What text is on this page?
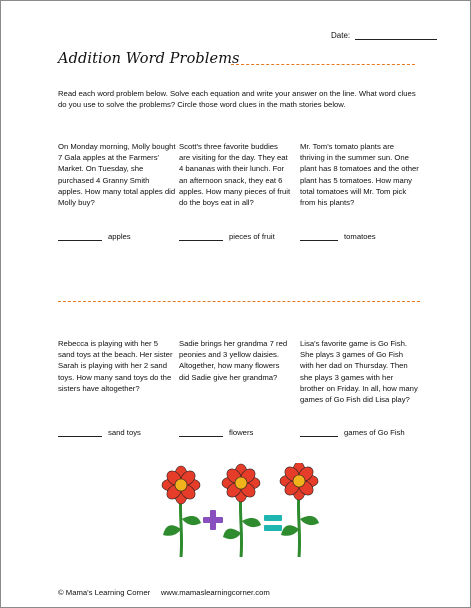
Date:
Addition Word Problems

Read each word problem below. Solve each equation and write your answer on the line. What word clues do you use to solve the problems? Circle those word clues in the math stories below.

On Monday morning, Molly bought 7 Gala apples at the Farmers' Market. On Tuesday, she purchased 4 Granny Smith apples. How many total apples did Molly buy?

apples

Scott's three favorite buddies are visiting for the day. They eat 4 bananas with their lunch. For an afternoon snack, they eat 6 apples. How many pieces of fruit do the boys eat in all?

pieces of fruit

Mr. Tom's tomato plants are thriving in the summer sun. One plant has 8 tomatoes and the other plant has 5 tomatoes. How many total tomatoes will Mr. Tom pick from his plants?

tomatoes

Rebecca is playing with her 5 sand toys at the beach. Her sister Sarah is playing with her 2 sand toys. How many sand toys do the sisters have altogether?

sand toys

Sadie brings her grandma 7 red peonies and 3 yellow daisies. Altogether, how many flowers did Sadie give her grandma?

flowers

Lisa's favorite game is Go Fish. She plays 3 games of Go Fish with her dad on Thursday. Then she plays 3 games with her brother on Friday. In all, how many games of Go Fish did Lisa play?

games of Go Fish
© Mama's Learning Corner www.mamaslearningcorner.com
